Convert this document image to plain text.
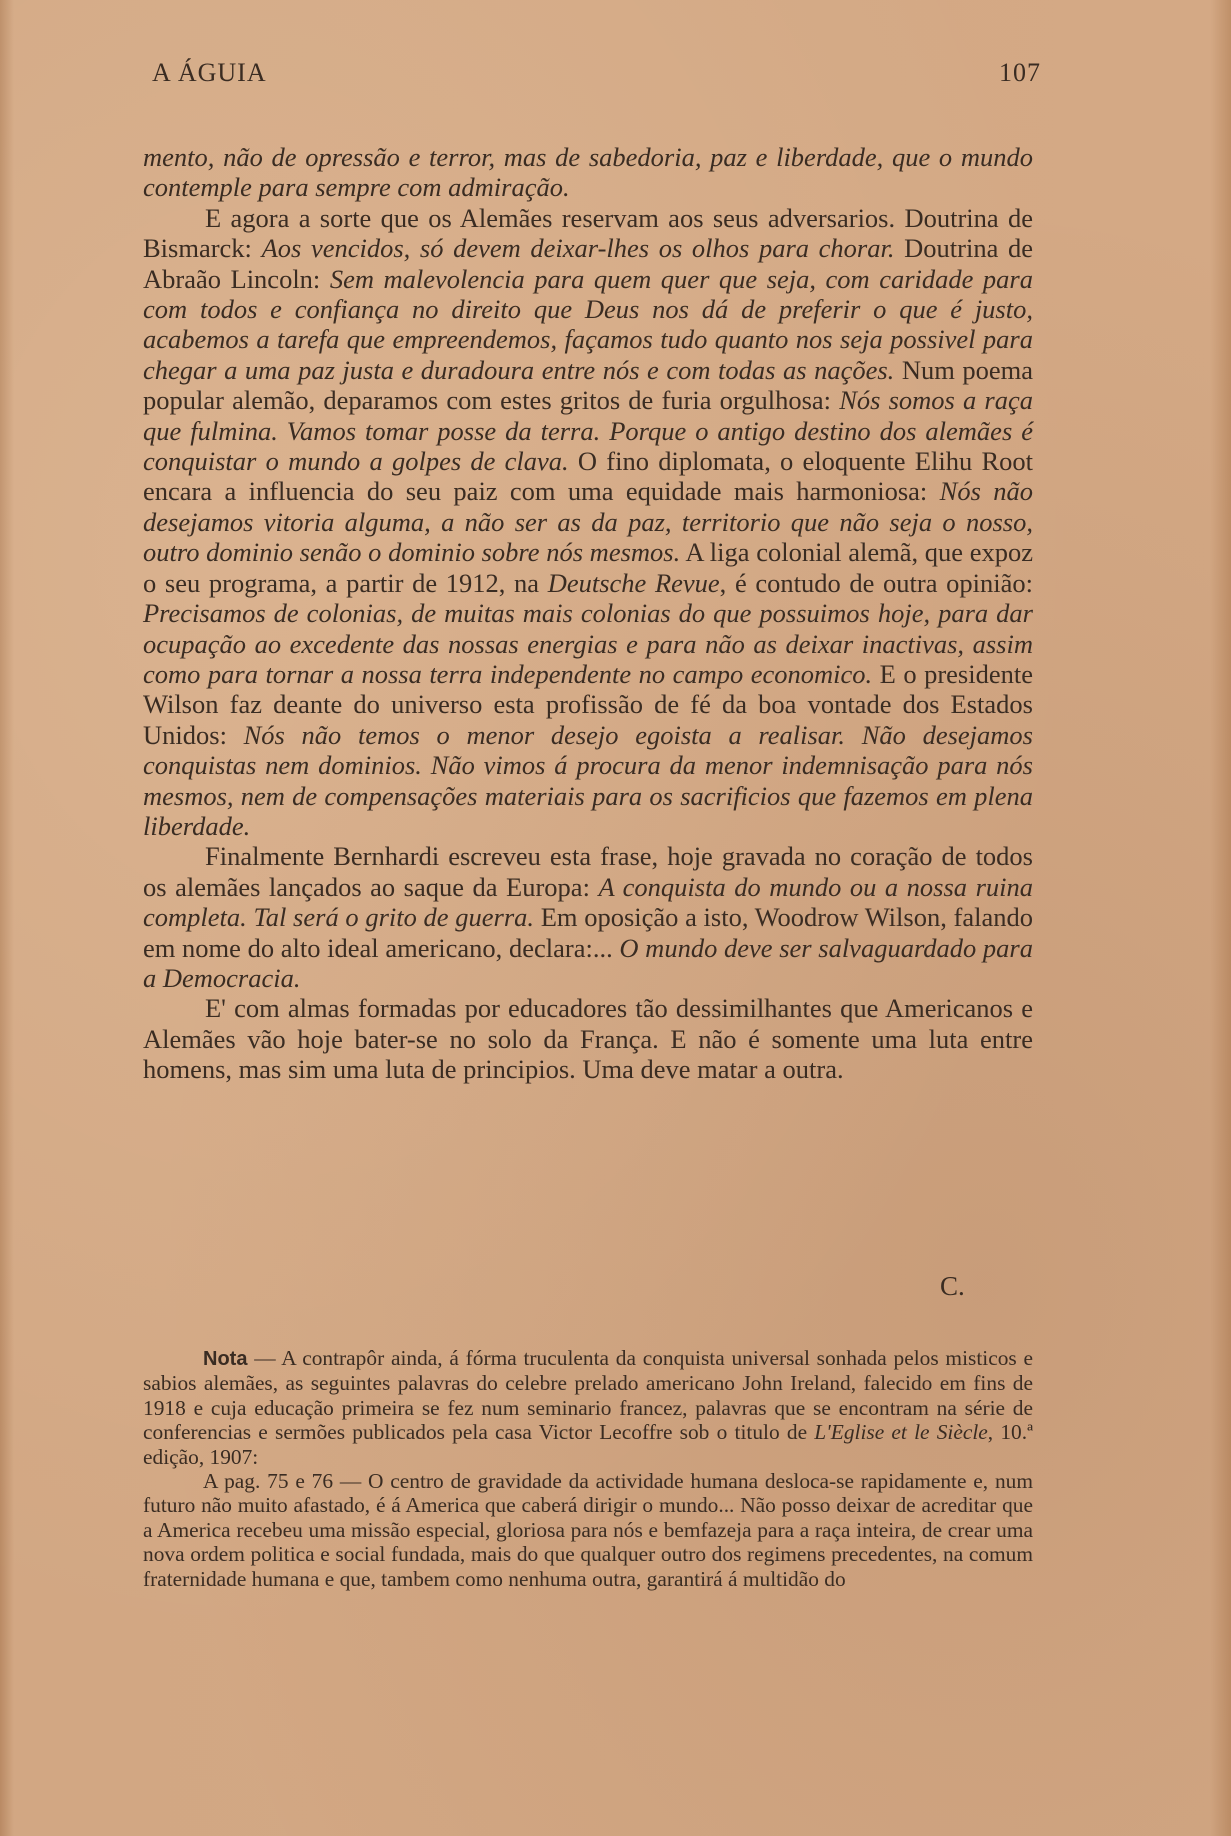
A ÁGUIA	107

mento, não de opressão e terror, mas de sabedoria, paz e liberdade, que o mundo contemple para sempre com admiração.

E agora a sorte que os Alemães reservam aos seus adversarios. Doutrina de Bismarck: Aos vencidos, só devem deixar-lhes os olhos para chorar. Doutrina de Abraão Lincoln: Sem malevolencia para quem quer que seja, com caridade para com todos e confiança no direito que Deus nos dá de preferir o que é justo, acabemos a tarefa que empreendemos, façamos tudo quanto nos seja possivel para chegar a uma paz justa e duradoura entre nós e com todas as nações. Num poema popular alemão, deparamos com estes gritos de furia orgulhosa: Nós somos a raça que fulmina. Vamos tomar posse da terra. Porque o antigo destino dos alemães é conquistar o mundo a golpes de clava. O fino diplomata, o eloquente Elihu Root encara a influencia do seu paiz com uma equidade mais harmoniosa: Nós não desejamos vitoria alguma, a não ser as da paz, territorio que não seja o nosso, outro dominio senão o dominio sobre nós mesmos. A liga colonial alemã, que expoz o seu programa, a partir de 1912, na Deutsche Revue, é contudo de outra opinião: Precisamos de colonias, de muitas mais colonias do que possuimos hoje, para dar ocupação ao excedente das nossas energias e para não as deixar inactivas, assim como para tornar a nossa terra independente no campo economico. E o presidente Wilson faz deante do universo esta profissão de fé da boa vontade dos Estados Unidos: Nós não temos o menor desejo egoista a realisar. Não desejamos conquistas nem dominios. Não vimos á procura da menor indemnisação para nós mesmos, nem de compensações materiais para os sacrificios que fazemos em plena liberdade.

Finalmente Bernhardi escreveu esta frase, hoje gravada no coração de todos os alemães lançados ao saque da Europa: A conquista do mundo ou a nossa ruina completa. Tal será o grito de guerra. Em oposição a isto, Woodrow Wilson, falando em nome do alto ideal americano, declara:... O mundo deve ser salvaguardado para a Democracia.

E' com almas formadas por educadores tão dessimilhantes que Americanos e Alemães vão hoje bater-se no solo da França. E não é somente uma luta entre homens, mas sim uma luta de principios. Uma deve matar a outra.

C.

Nota — A contrapôr ainda, á fórma truculenta da conquista universal sonhada pelos misticos e sabios alemães, as seguintes palavras do celebre prelado americano John Ireland, falecido em fins de 1918 e cuja educação primeira se fez num seminario francez, palavras que se encontram na série de conferencias e sermões publicados pela casa Victor Lecoffre sob o titulo de L'Eglise et le Siècle, 10.ª edição, 1907:

A pag. 75 e 76 — O centro de gravidade da actividade humana desloca-se rapidamente e, num futuro não muito afastado, é á America que caberá dirigir o mundo... Não posso deixar de acreditar que a America recebeu uma missão especial, gloriosa para nós e bemfazeja para a raça inteira, de crear uma nova ordem politica e social fundada, mais do que qualquer outro dos regimens precedentes, na comum fraternidade humana e que, tambem como nenhuma outra, garantirá á multidão do
